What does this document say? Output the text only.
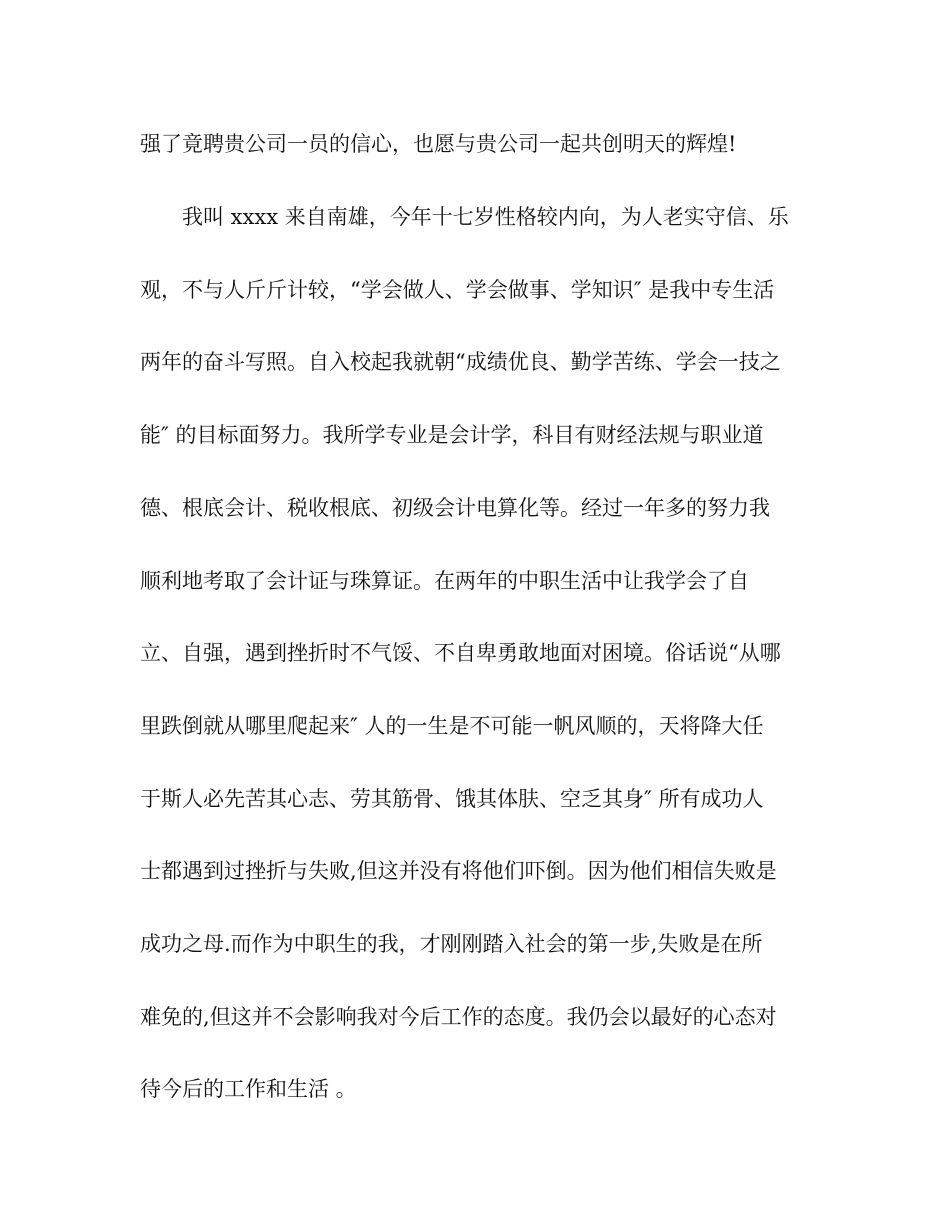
强了竟聘贵公司一员的信心，也愿与贵公司一起共创明天的辉煌!
我叫 xxxx 来自南雄，今年十七岁性格较内向，为人老实守信、乐
观，不与人斤斤计较，“学会做人、学会做事、学知识″ 是我中专生活
两年的奋斗写照。自入校起我就朝“成绩优良、勤学苦练、学会一技之
能″ 的目标面努力。我所学专业是会计学，科目有财经法规与职业道
德、根底会计、税收根底、初级会计电算化等。经过一年多的努力我
顺利地考取了会计证与珠算证。在两年的中职生活中让我学会了自
立、自强，遇到挫折时不气馁、不自卑勇敢地面对困境。俗话说“从哪
里跌倒就从哪里爬起来″ 人的一生是不可能一帆风顺的，天将降大任
于斯人必先苦其心志、劳其筋骨、饿其体肤、空乏其身″ 所有成功人
士都遇到过挫折与失败,但这并没有将他们吓倒。因为他们相信失败是
成功之母.而作为中职生的我，才刚刚踏入社会的第一步,失败是在所
难免的,但这并不会影响我对今后工作的态度。我仍会以最好的心态对
待今后的工作和生活 。
